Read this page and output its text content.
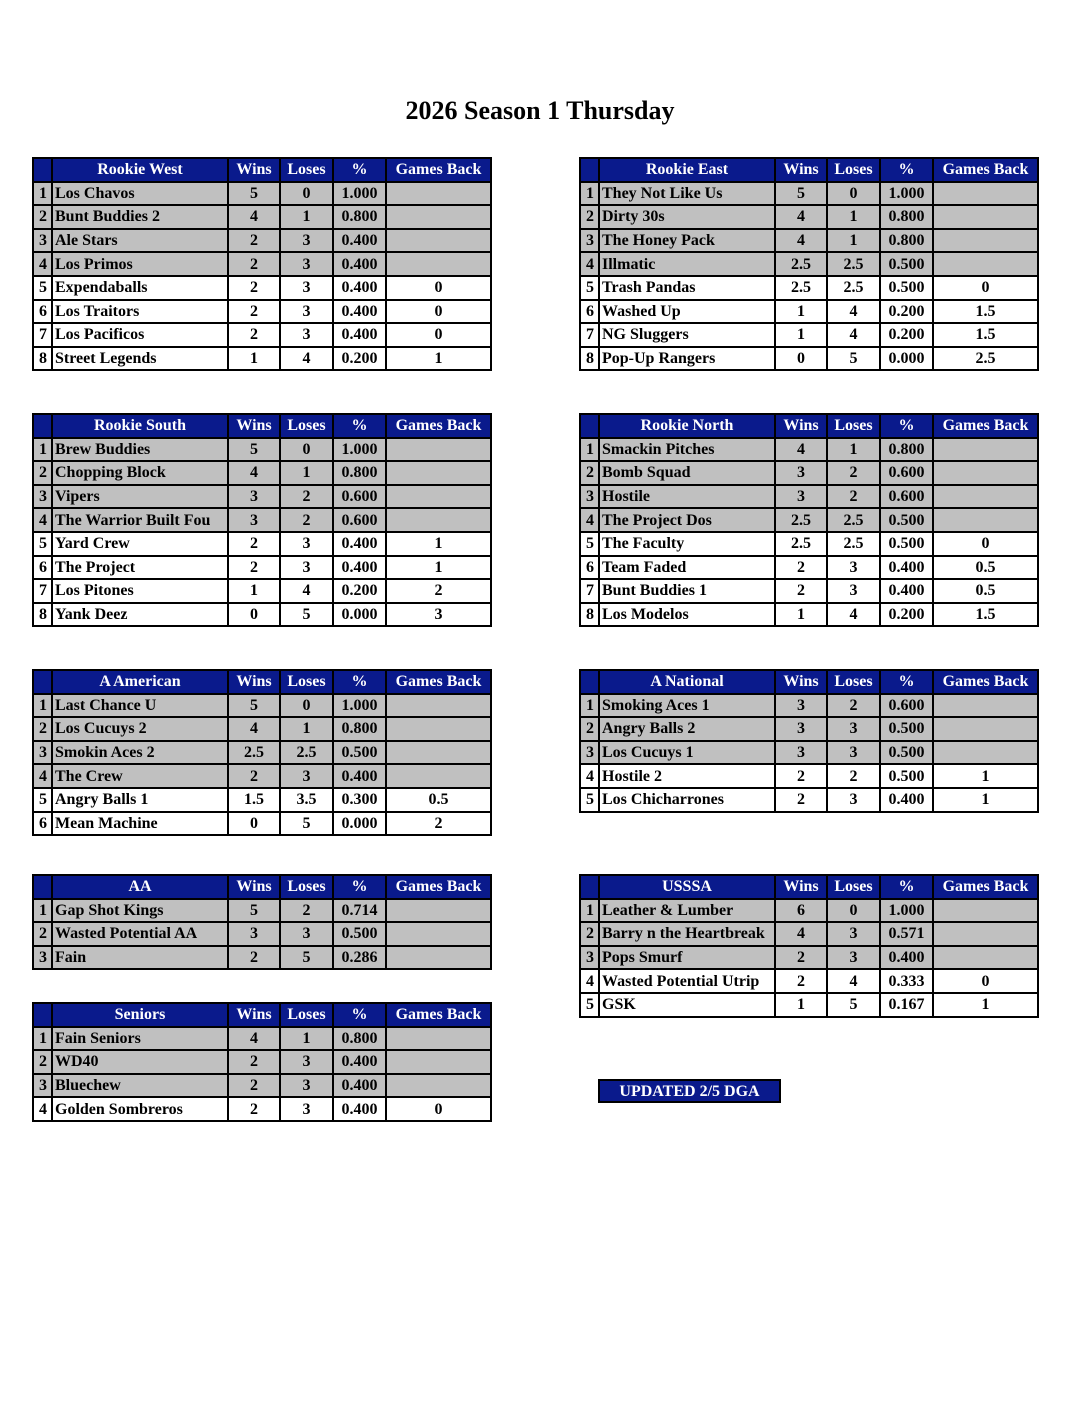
2026 Season 1 Thursday
	Rookie West	Wins	Loses	%	Games Back
1	Los Chavos	5	0	1.000	
2	Bunt Buddies 2	4	1	0.800	
3	Ale Stars	2	3	0.400	
4	Los Primos	2	3	0.400	
5	Expendaballs	2	3	0.400	0
6	Los Traitors	2	3	0.400	0
7	Los Pacificos	2	3	0.400	0
8	Street Legends	1	4	0.200	1
	Rookie East	Wins	Loses	%	Games Back
1	They Not Like Us	5	0	1.000	
2	Dirty 30s	4	1	0.800	
3	The Honey Pack	4	1	0.800	
4	Illmatic	2.5	2.5	0.500	
5	Trash Pandas	2.5	2.5	0.500	0
6	Washed Up	1	4	0.200	1.5
7	NG Sluggers	1	4	0.200	1.5
8	Pop-Up Rangers	0	5	0.000	2.5
	Rookie South	Wins	Loses	%	Games Back
1	Brew Buddies	5	0	1.000	
2	Chopping Block	4	1	0.800	
3	Vipers	3	2	0.600	
4	The Warrior Built Fou	3	2	0.600	
5	Yard Crew	2	3	0.400	1
6	The Project	2	3	0.400	1
7	Los Pitones	1	4	0.200	2
8	Yank Deez	0	5	0.000	3
	Rookie North	Wins	Loses	%	Games Back
1	Smackin Pitches	4	1	0.800	
2	Bomb Squad	3	2	0.600	
3	Hostile	3	2	0.600	
4	The Project Dos	2.5	2.5	0.500	
5	The Faculty	2.5	2.5	0.500	0
6	Team Faded	2	3	0.400	0.5
7	Bunt Buddies 1	2	3	0.400	0.5
8	Los Modelos	1	4	0.200	1.5
	A American	Wins	Loses	%	Games Back
1	Last Chance U	5	0	1.000	
2	Los Cucuys 2	4	1	0.800	
3	Smokin Aces 2	2.5	2.5	0.500	
4	The Crew	2	3	0.400	
5	Angry Balls 1	1.5	3.5	0.300	0.5
6	Mean Machine	0	5	0.000	2
	A National	Wins	Loses	%	Games Back
1	Smoking Aces 1	3	2	0.600	
2	Angry Balls 2	3	3	0.500	
3	Los Cucuys 1	3	3	0.500	
4	Hostile 2	2	2	0.500	1
5	Los Chicharrones	2	3	0.400	1
	AA	Wins	Loses	%	Games Back
1	Gap Shot Kings	5	2	0.714	
2	Wasted Potential AA	3	3	0.500	
3	Fain	2	5	0.286	
	USSSA	Wins	Loses	%	Games Back
1	Leather & Lumber	6	0	1.000	
2	Barry n the Heartbreak	4	3	0.571	
3	Pops Smurf	2	3	0.400	
4	Wasted Potential Utrip	2	4	0.333	0
5	GSK	1	5	0.167	1
	Seniors	Wins	Loses	%	Games Back
1	Fain Seniors	4	1	0.800	
2	WD40	2	3	0.400	
3	Bluechew	2	3	0.400	
4	Golden Sombreros	2	3	0.400	0
UPDATED 2/5 DGA
